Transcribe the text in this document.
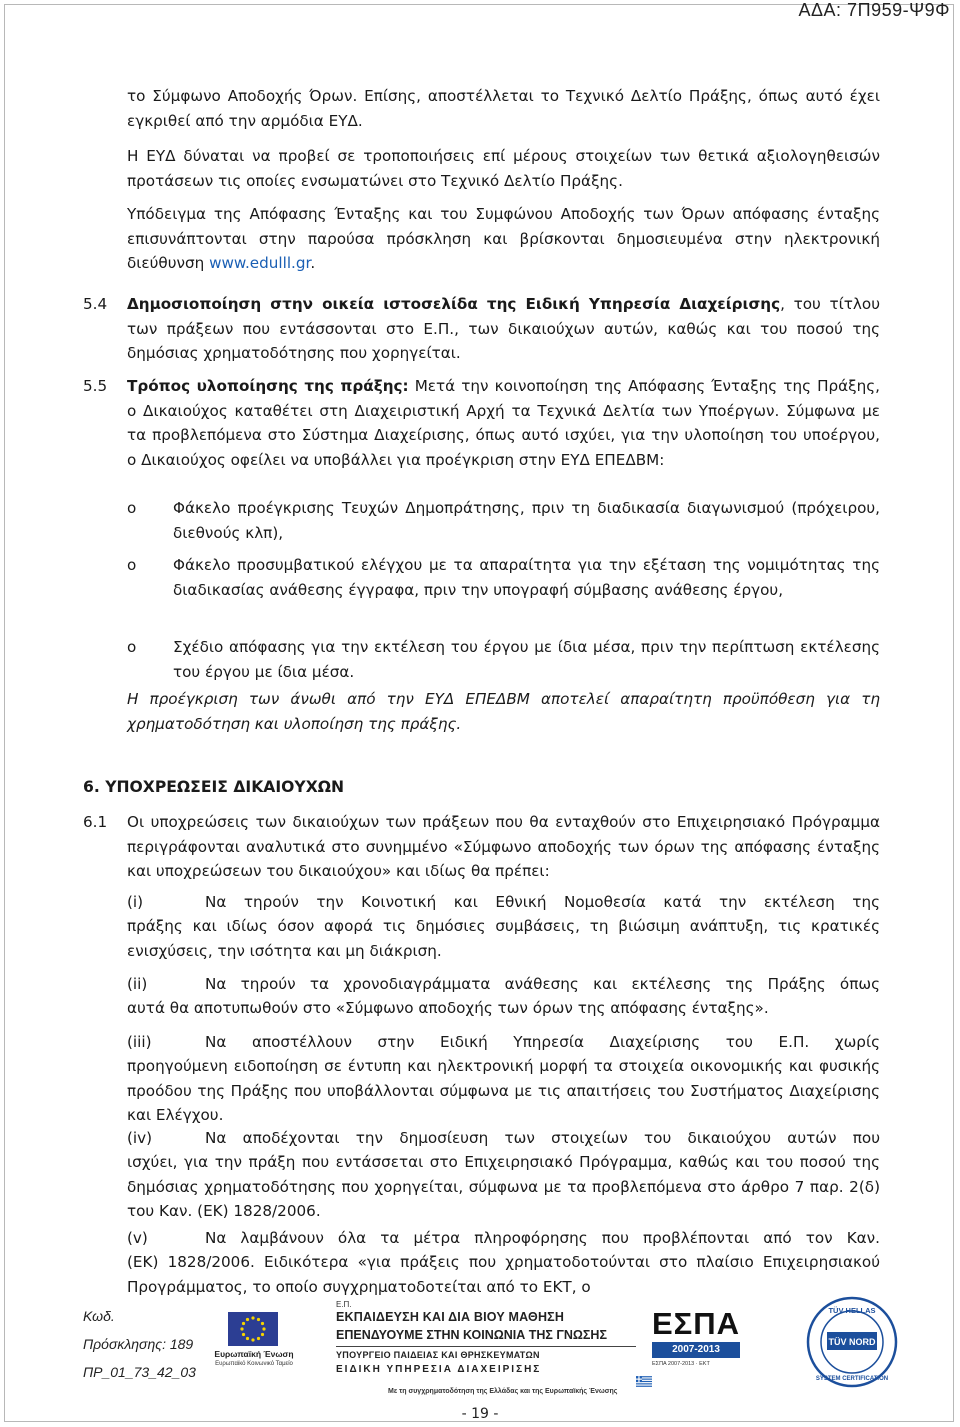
ΑΔΑ: 7Π959-Ψ9Φ

το Σύμφωνο Αποδοχής Όρων. Επίσης, αποστέλλεται το Τεχνικό Δελτίο Πράξης, όπως αυτό έχει εγκριθεί από την αρμόδια ΕΥΔ.

Η ΕΥΔ δύναται να προβεί σε τροποποιήσεις επί μέρους στοιχείων των θετικά αξιολογηθεισών προτάσεων τις οποίες ενσωματώνει στο Τεχνικό Δελτίο Πράξης.

Υπόδειγμα της Απόφασης Ένταξης και του Συμφώνου Αποδοχής των Όρων απόφασης ένταξης επισυνάπτονται στην παρούσα πρόσκληση και βρίσκονται δημοσιευμένα στην ηλεκτρονική διεύθυνση www.edulll.gr.

5.4 Δημοσιοποίηση στην οικεία ιστοσελίδα της Ειδική Υπηρεσία Διαχείρισης, του τίτλου των πράξεων που εντάσσονται στο Ε.Π., των δικαιούχων αυτών, καθώς και του ποσού της δημόσιας χρηματοδότησης που χορηγείται.

5.5 Τρόπος υλοποίησης της πράξης: Μετά την κοινοποίηση της Απόφασης Ένταξης της Πράξης, ο Δικαιούχος καταθέτει στη Διαχειριστική Αρχή τα Τεχνικά Δελτία των Υποέργων. Σύμφωνα με τα προβλεπόμενα στο Σύστημα Διαχείρισης, όπως αυτό ισχύει, για την υλοποίηση του υποέργου, ο Δικαιούχος οφείλει να υποβάλλει για προέγκριση στην ΕΥΔ ΕΠΕΔΒΜ:

o Φάκελο προέγκρισης Τευχών Δημοπράτησης, πριν τη διαδικασία διαγωνισμού (πρόχειρου, διεθνούς κλπ),

o Φάκελο προσυμβατικού ελέγχου με τα απαραίτητα για την εξέταση της νομιμότητας της διαδικασίας ανάθεσης έγγραφα, πριν την υπογραφή σύμβασης ανάθεσης έργου,

o Σχέδιο απόφασης για την εκτέλεση του έργου με ίδια μέσα, πριν την περίπτωση εκτέλεσης του έργου με ίδια μέσα.

Η προέγκριση των άνωθι από την ΕΥΔ ΕΠΕΔΒΜ αποτελεί απαραίτητη προϋπόθεση για τη χρηματοδότηση και υλοποίηση της πράξης.

6. ΥΠΟΧΡΕΩΣΕΙΣ ΔΙΚΑΙΟΥΧΩΝ
6.1 Οι υποχρεώσεις των δικαιούχων των πράξεων που θα ενταχθούν στο Επιχειρησιακό Πρόγραμμα περιγράφονται αναλυτικά στο συνημμένο «Σύμφωνο αποδοχής των όρων της απόφασης ένταξης και υποχρεώσεων του δικαιούχου» και ιδίως θα πρέπει:

(i)	Να τηρούν την Κοινοτική και Εθνική Νομοθεσία κατά την εκτέλεση της

πράξης και ιδίως όσον αφορά τις δημόσιες συμβάσεις, τη βιώσιμη ανάπτυξη, τις κρατικές ενισχύσεις, την ισότητα και μη διάκριση.

(ii)	Να τηρούν τα χρονοδιαγράμματα ανάθεσης και εκτέλεσης της Πράξης όπως

αυτά θα αποτυπωθούν στο «Σύμφωνο αποδοχής των όρων της απόφασης ένταξης».

(iii)	Να αποστέλλουν στην Ειδική Υπηρεσία Διαχείρισης του Ε.Π. χωρίς

προηγούμενη ειδοποίηση σε έντυπη και ηλεκτρονική μορφή τα στοιχεία οικονομικής και φυσικής προόδου της Πράξης που υποβάλλονται σύμφωνα με τις απαιτήσεις του Συστήματος Διαχείρισης και Ελέγχου.

(iv)	Να αποδέχονται την δημοσίευση των στοιχείων του δικαιούχου αυτών που

ισχύει, για την πράξη που εντάσσεται στο Επιχειρησιακό Πρόγραμμα, καθώς και του ποσού της δημόσιας χρηματοδότησης που χορηγείται, σύμφωνα με τα προβλεπόμενα στο άρθρο 7 παρ. 2(δ) του Καν. (ΕΚ) 1828/2006.

(v)	Να λαμβάνουν όλα τα μέτρα πληροφόρησης που προβλέπονται από τον Καν.

(ΕΚ) 1828/2006. Ειδικότερα «για πράξεις που χρηματοδοτούνται στο πλαίσιο Επιχειρησιακού Προγράμματος, το οποίο συγχρηματοδοτείται από το ΕΚΤ, ο

Κωδ.
Πρόσκλησης: 189
ΠΡ_01_73_42_03
Ευρωπαϊκή Ένωση
Ευρωπαϊκό Κοινωνικό Ταμείο
Ε.Π.
ΕΚΠΑΙΔΕΥΣΗ ΚΑΙ ΔΙΑ ΒΙΟΥ ΜΑΘΗΣΗ
ΕΠΕΝΔΥΟΥΜΕ ΣΤΗΝ ΚΟΙΝΩΝΙΑ ΤΗΣ ΓΝΩΣΗΣ
ΥΠΟΥΡΓΕΙΟ ΠΑΙΔΕΙΑΣ ΚΑΙ ΘΡΗΣΚΕΥΜΑΤΩΝ
ΕΙΔΙΚΗ ΥΠΗΡΕΣΙΑ ΔΙΑΧΕΙΡΙΣΗΣ
ΕΣΠΑ
2007-2013
ΕΣΠΑ 2007-2013 · ΕΚΤ
TÜV NORD
TÜV HELLAS
SYSTEM CERTIFICATION
Με τη συγχρηματοδότηση της Ελλάδας και της Ευρωπαϊκής Ένωσης
- 19 -
